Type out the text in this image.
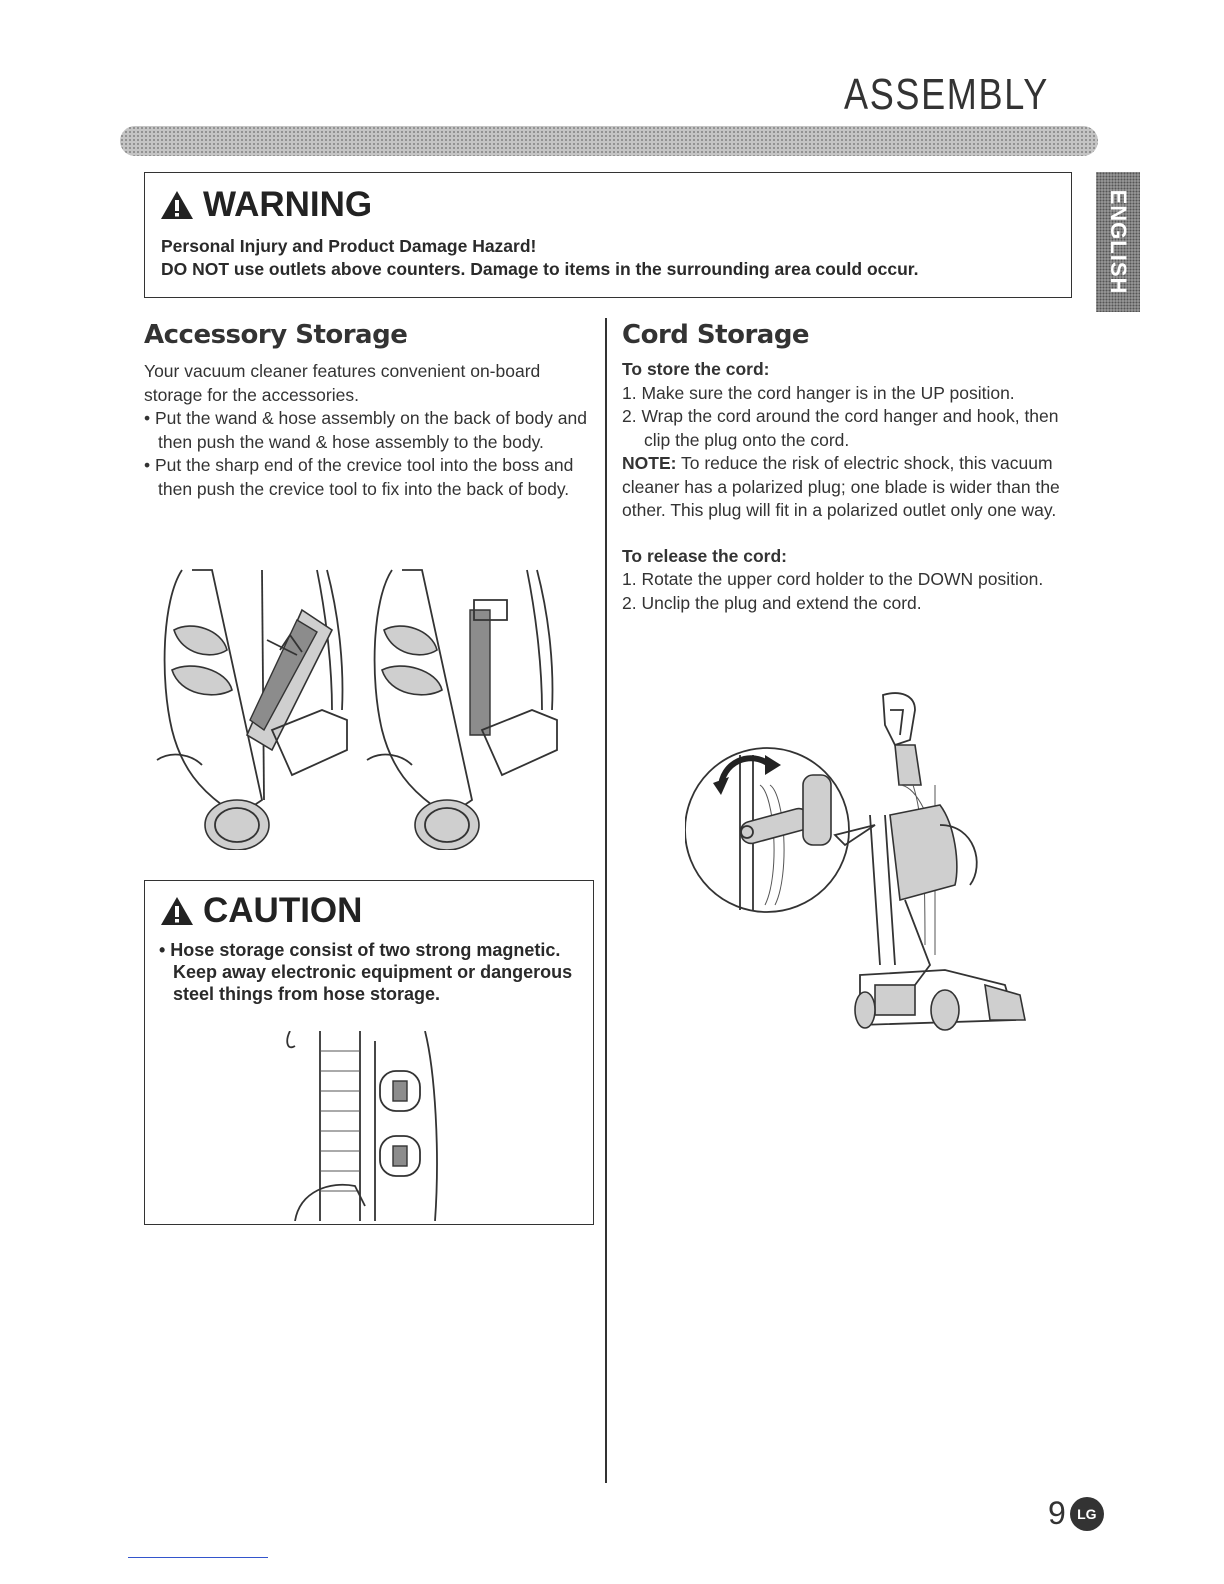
ASSEMBLY
ENGLISH
WARNING
Personal Injury and Product Damage Hazard!
DO NOT use outlets above counters. Damage to items in the surrounding area could occur.
Accessory Storage
Your vacuum cleaner features convenient on-board storage for the accessories.
• Put the wand & hose assembly on the back of body and then push the wand & hose assembly to the body.
• Put the sharp end of the crevice tool into the boss and then push the crevice tool to fix into the back of body.
CAUTION
• Hose storage consist of two strong magnetic. Keep away electronic equipment or dangerous steel things from hose storage.
Cord Storage
To store the cord:
1. Make sure the cord hanger is in the UP position.
2. Wrap the cord around the cord hanger and hook, then clip the plug onto the cord.
NOTE: To reduce the risk of electric shock, this vacuum cleaner has a polarized plug; one blade is wider than the other. This plug will fit in a polarized outlet only one way.
To release the cord:
1. Rotate the upper cord holder to the DOWN position.
2. Unclip the plug and extend the cord.
9 LG
